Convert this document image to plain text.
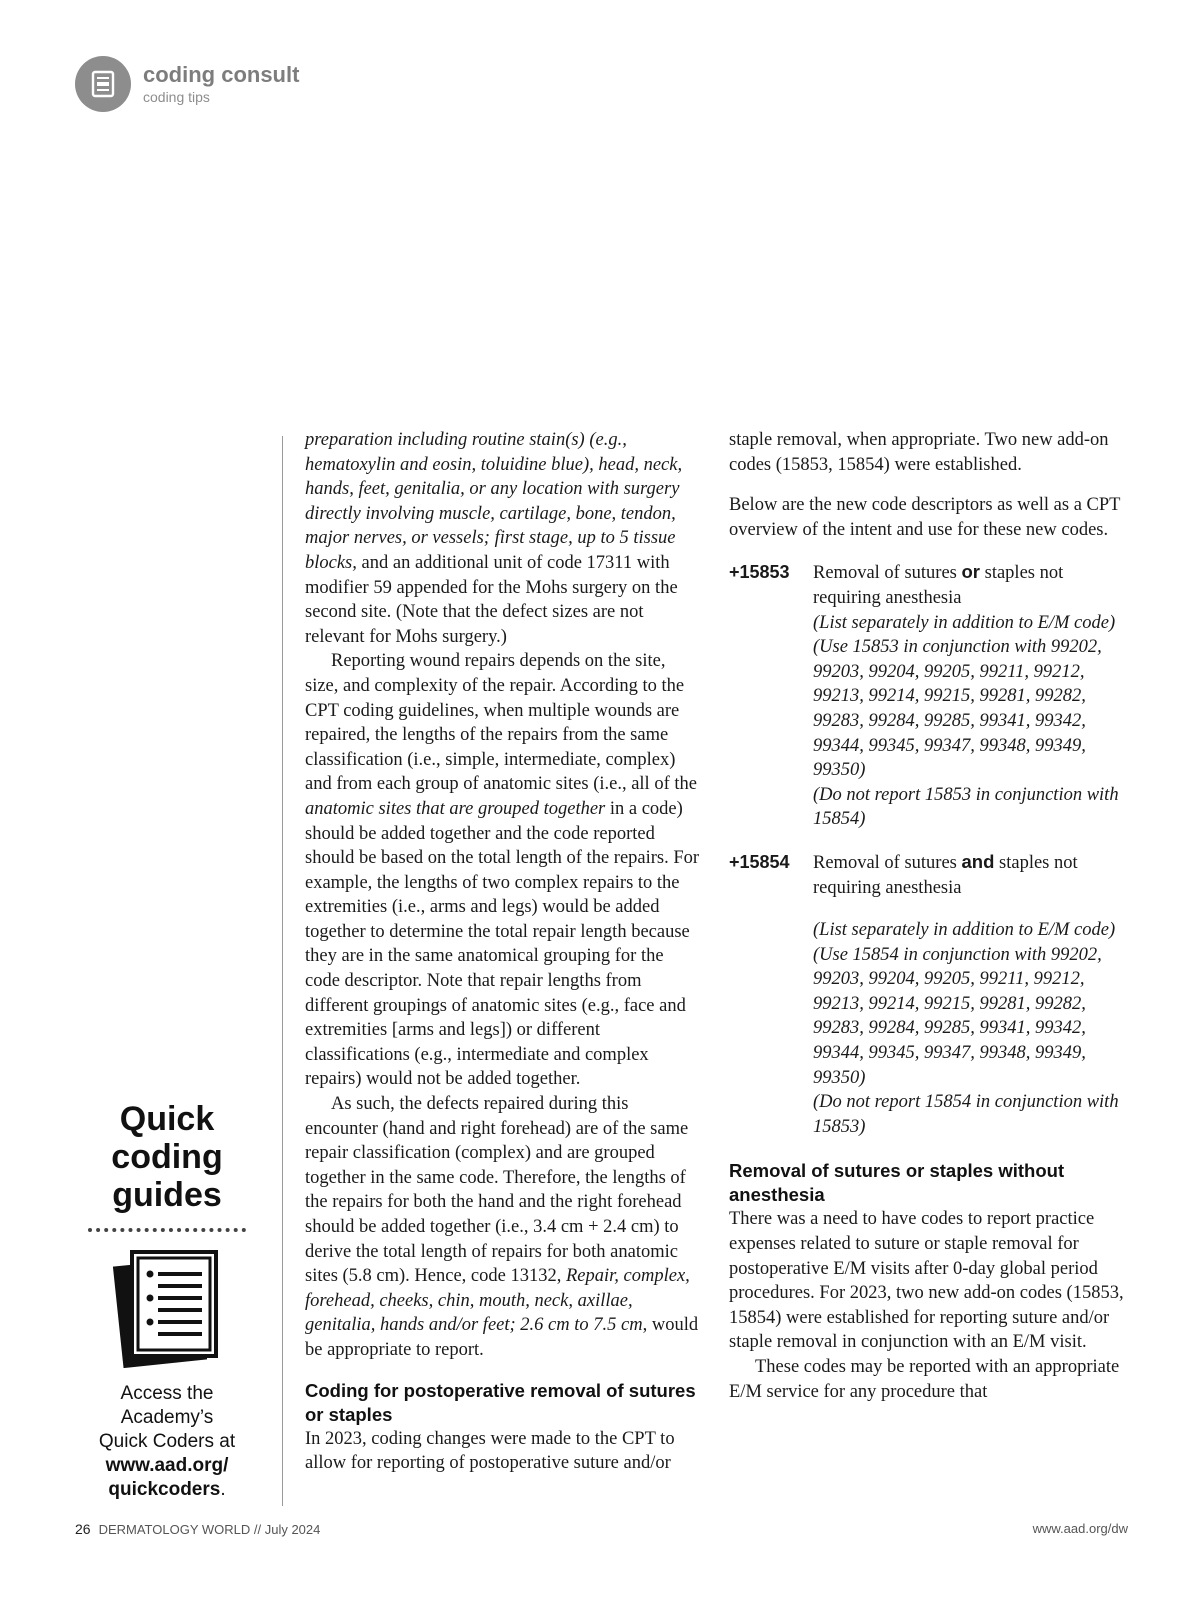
coding consult
coding tips
Quick
coding
guides
Access the
Academy’s
Quick Coders at
www.aad.org/
quickcoders.

preparation including routine stain(s) (e.g., hematoxylin and eosin, toluidine blue), head, neck, hands, feet, genitalia, or any location with surgery directly involving muscle, cartilage, bone, tendon, major nerves, or vessels; first stage, up to 5 tissue blocks, and an additional unit of code 17311 with modifier 59 appended for the Mohs surgery on the second site. (Note that the defect sizes are not relevant for Mohs surgery.)

Reporting wound repairs depends on the site, size, and complexity of the repair. According to the CPT coding guidelines, when multiple wounds are repaired, the lengths of the repairs from the same classification (i.e., simple, intermediate, complex) and from each group of anatomic sites (i.e., all of the anatomic sites that are grouped together in a code) should be added together and the code reported should be based on the total length of the repairs. For example, the lengths of two complex repairs to the extremities (i.e., arms and legs) would be added together to determine the total repair length because they are in the same anatomical grouping for the code descriptor. Note that repair lengths from different groupings of anatomic sites (e.g., face and extremities [arms and legs]) or different classifications (e.g., intermediate and complex repairs) would not be added together.

As such, the defects repaired during this encounter (hand and right forehead) are of the same repair classification (complex) and are grouped together in the same code. Therefore, the lengths of the repairs for both the hand and the right forehead should be added together (i.e., 3.4 cm + 2.4 cm) to derive the total length of repairs for both anatomic sites (5.8 cm). Hence, code 13132, Repair, complex, forehead, cheeks, chin, mouth, neck, axillae, genitalia, hands and/or feet; 2.6 cm to 7.5 cm, would be appropriate to report.

Coding for postoperative removal of sutures or staples

In 2023, coding changes were made to the CPT to allow for reporting of postoperative suture and/or

staple removal, when appropriate. Two new add-on codes (15853, 15854) were established.

Below are the new code descriptors as well as a CPT overview of the intent and use for these new codes.

+15853	Removal of sutures or staples not requiring anesthesia
(List separately in addition to E/M code)
(Use 15853 in conjunction with 99202, 99203, 99204, 99205, 99211, 99212, 99213, 99214, 99215, 99281, 99282, 99283, 99284, 99285, 99341, 99342, 99344, 99345, 99347, 99348, 99349, 99350)
(Do not report 15853 in conjunction with 15854)
+15854	Removal of sutures and staples not requiring anesthesia
(List separately in addition to E/M code)
(Use 15854 in conjunction with 99202, 99203, 99204, 99205, 99211, 99212, 99213, 99214, 99215, 99281, 99282, 99283, 99284, 99285, 99341, 99342, 99344, 99345, 99347, 99348, 99349, 99350)
(Do not report 15854 in conjunction with 15853)
Removal of sutures or staples without anesthesia

There was a need to have codes to report practice expenses related to suture or staple removal for postoperative E/M visits after 0-day global period procedures. For 2023, two new add-on codes (15853, 15854) were established for reporting suture and/or staple removal in conjunction with an E/M visit.

These codes may be reported with an appropriate E/M service for any procedure that

26 DERMATOLOGY WORLD // July 2024	www.aad.org/dw
